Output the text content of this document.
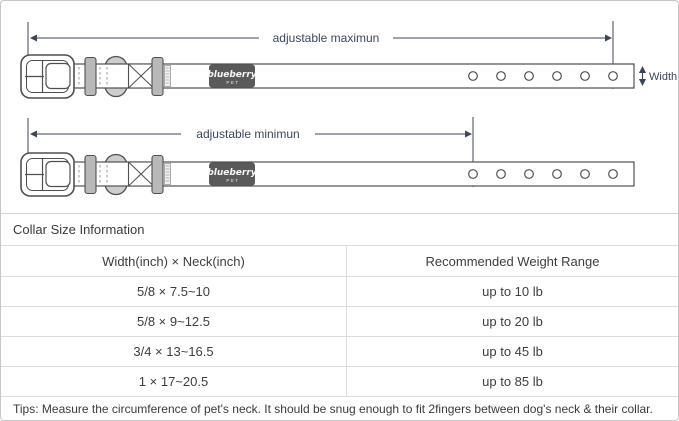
adjustable maximun
blueberry
PET	Width
adjustable minimun
blueberry
PET
Collar Size Information
Width(inch) × Neck(inch)	Recommended Weight Range
5/8 × 7.5~10	up to 10 lb
5/8 × 9~12.5	up to 20 lb
3/4 × 13~16.5	up to 45 lb
1 × 17~20.5	up to 85 lb
Tips: Measure the circumference of pet's neck. It should be snug enough to fit 2fingers between dog's neck & their collar.
